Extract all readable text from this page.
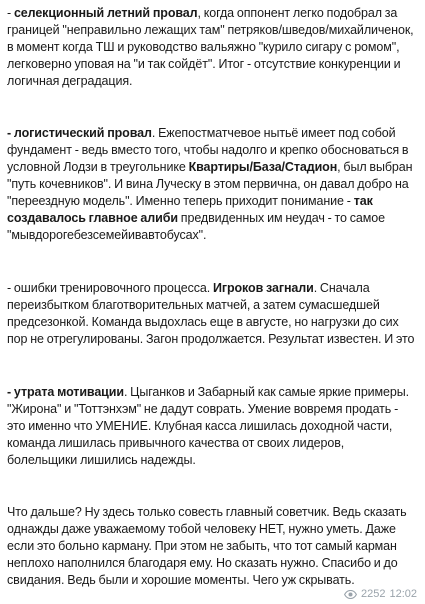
- селекционный летний провал, когда оппонент легко подобрал за границей "неправильно лежащих там" петряков/шведов/михайличенок, в момент когда ТШ и руководство вальяжно "курило сигару с ромом", легковерно уповая на "и так сойдёт". Итог - отсутствие конкуренции и логичная деградация.

- логистический провал. Ежепостматчевое нытьё имеет под собой фундамент - ведь вместо того, чтобы надолго и крепко обосноваться в условной Лодзи в треугольнике Квартиры/База/Стадион, был выбран "путь кочевников". И вина Луческу в этом первична, он давал добро на "переездную модель". Именно теперь приходит понимание - так создавалось главное алиби предвиденных им неудач - то самое "мывдорогебезсемейивавтобусах".

- ошибки тренировочного процесса. Игроков загнали. Сначала переизбытком благотворительных матчей, а затем сумасшедшей предсезонкой. Команда выдохлась еще в августе, но нагрузки до сих пор не отрегулированы. Загон продолжается. Результат известен. И это

- утрата мотивации. Цыганков и Забарный как самые яркие примеры. "Жирона" и "Тоттэнхэм" не дадут соврать. Умение вовремя продать - это именно что УМЕНИЕ. Клубная касса лишилась доходной части, команда лишилась привычного качества от своих лидеров, болельщики лишились надежды.

Что дальше? Ну здесь только совесть главный советчик. Ведь сказать однажды даже уважаемому тобой человеку НЕТ, нужно уметь. Даже если это больно карману. При этом не забыть, что тот самый карман неплохо наполнился благодаря ему. Но сказать нужно. Спасибо и до свидания. Ведь были и хорошие моменты. Чего уж скрывать.

2252 12:02
